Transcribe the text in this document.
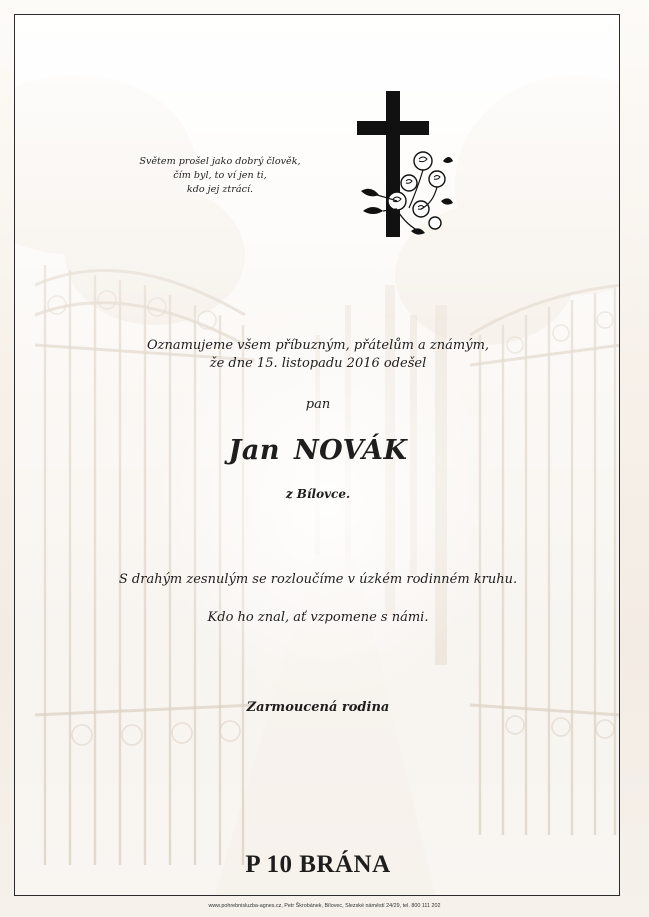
Světem prošel jako dobrý člověk,
čím byl, to ví jen ti,
kdo jej ztrácí.
Oznamujeme všem příbuzným, přátelům a známým,
že dne 15. listopadu 2016 odešel
pan
Jan NOVÁK
z Bílovce.
S drahým zesnulým se rozloučíme v úzkém rodinném kruhu.
Kdo ho znal, ať vzpomene s námi.
Zarmoucená rodina
P 10 BRÁNA
www.pohrebnisluzba-agnes.cz, Petr Škrobánek, Bílovec, Slezské náměstí 24/29, tel. 800 111 202
